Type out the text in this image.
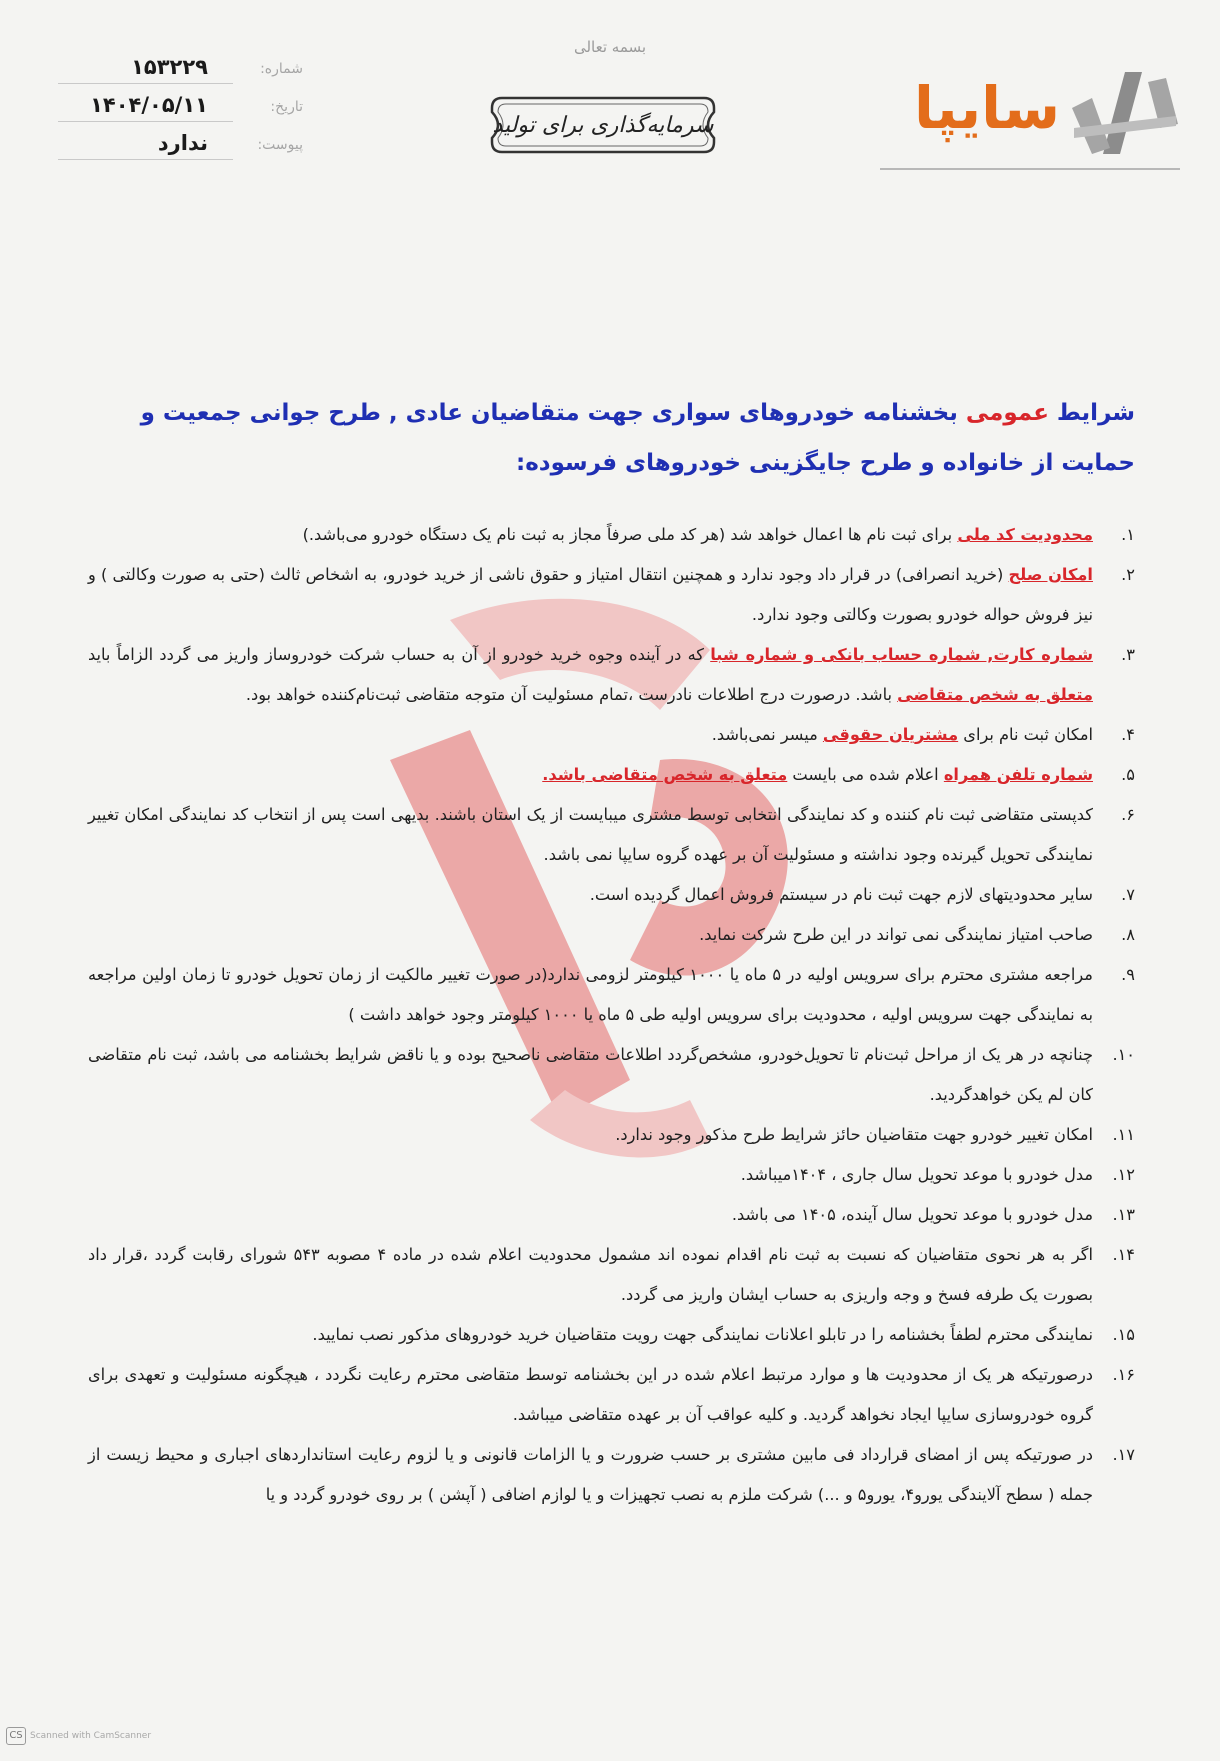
بسمه تعالی
سایپا
سرمایه‌گذاری برای تولید
شماره:
۱۵۳۲۲۹
تاریخ:
۱۴۰۴/۰۵/۱۱
پیوست:
ندارد
شرایط عمومی بخشنامه خودروهای سواری جهت متقاضیان عادی , طرح جوانی جمعیت و حمایت از خانواده و طرح جایگزینی خودروهای فرسوده:
۱.
محدودیت کد ملی برای ثبت نام ها اعمال خواهد شد (هر کد ملی صرفاً مجاز به ثبت نام یک دستگاه خودرو می‌باشد.)
۲.
امکان صلح (خرید انصرافی) در قرار داد وجود ندارد و همچنین انتقال امتیاز و حقوق ناشی از خرید خودرو، به اشخاص ثالث (حتی به صورت وکالتی ) و نیز فروش حواله خودرو بصورت وکالتی وجود ندارد.
۳.
شماره کارت, شماره حساب بانکی و شماره شبا که در آینده وجوه خرید خودرو از آن به حساب شرکت خودروساز واریز می گردد الزاماً باید متعلق به شخص متقاضی باشد. درصورت درج اطلاعات نادرست ،تمام مسئولیت آن متوجه متقاضی ثبت‌نام‌کننده خواهد بود.
۴.
امکان ثبت نام برای مشتریان حقوقی میسر نمی‌باشد.
۵.
شماره تلفن همراه اعلام شده می بایست متعلق به شخص متقاضی باشد.
۶.
کدپستی متقاضی ثبت نام کننده و کد نمایندگی انتخابی توسط مشتری میبایست از یک استان باشند. بدیهی است پس از انتخاب کد نمایندگی امکان تغییر نمایندگی تحویل گیرنده وجود نداشته و مسئولیت آن بر عهده گروه سایپا نمی باشد.
۷.
سایر محدودیتهای لازم جهت ثبت نام در سیستم فروش اعمال گردیده است.
۸.
صاحب امتیاز نمایندگی نمی تواند در این طرح شرکت نماید.
۹.
مراجعه مشتری محترم برای سرویس اولیه در ۵ ماه یا ۱۰۰۰ کیلومتر لزومی ندارد(در صورت تغییر مالکیت از زمان تحویل خودرو تا زمان اولین مراجعه به نمایندگی جهت سرویس اولیه ، محدودیت برای سرویس اولیه طی ۵ ماه یا ۱۰۰۰ کیلومتر وجود خواهد داشت )
۱۰.
چنانچه در هر یک از مراحل ثبت‌نام تا تحویل‌خودرو، مشخص‌گردد اطلاعات متقاضی ناصحیح بوده و یا ناقض شرایط بخشنامه می باشد، ثبت نام متقاضی کان لم یکن خواهدگردید.
۱۱.
امکان تغییر خودرو جهت متقاضیان حائز شرایط طرح مذکور وجود ندارد.
۱۲.
مدل خودرو با موعد تحویل سال جاری ، ۱۴۰۴میباشد.
۱۳.
مدل خودرو با موعد تحویل سال آینده، ۱۴۰۵ می باشد.
۱۴.
اگر به هر نحوی متقاضیان که نسبت به ثبت نام اقدام نموده اند مشمول محدودیت اعلام شده در ماده ۴ مصوبه ۵۴۳ شورای رقابت گردد ،قرار داد بصورت یک طرفه فسخ و وجه واریزی به حساب ایشان واریز می گردد.
۱۵.
نمایندگی محترم لطفاً بخشنامه را در تابلو اعلانات نمایندگی جهت رویت متقاضیان خرید خودروهای مذکور نصب نمایید.
۱۶.
درصورتیکه هر یک از محدودیت ها و موارد مرتبط اعلام شده در این بخشنامه توسط متقاضی محترم رعایت نگردد ، هیچگونه مسئولیت و تعهدی برای گروه خودروسازی سایپا ایجاد نخواهد گردید. و کلیه عواقب آن بر عهده متقاضی میباشد.
۱۷.
در صورتیکه پس از امضای قرارداد فی مابین مشتری بر حسب ضرورت و یا الزامات قانونی و یا لزوم رعایت استانداردهای اجباری و محیط زیست از جمله ( سطح آلایندگی یورو۴، یورو۵ و ...) شرکت ملزم به نصب تجهیزات و یا لوازم اضافی ( آپشن ) بر روی خودرو گردد و یا
CS Scanned with CamScanner
